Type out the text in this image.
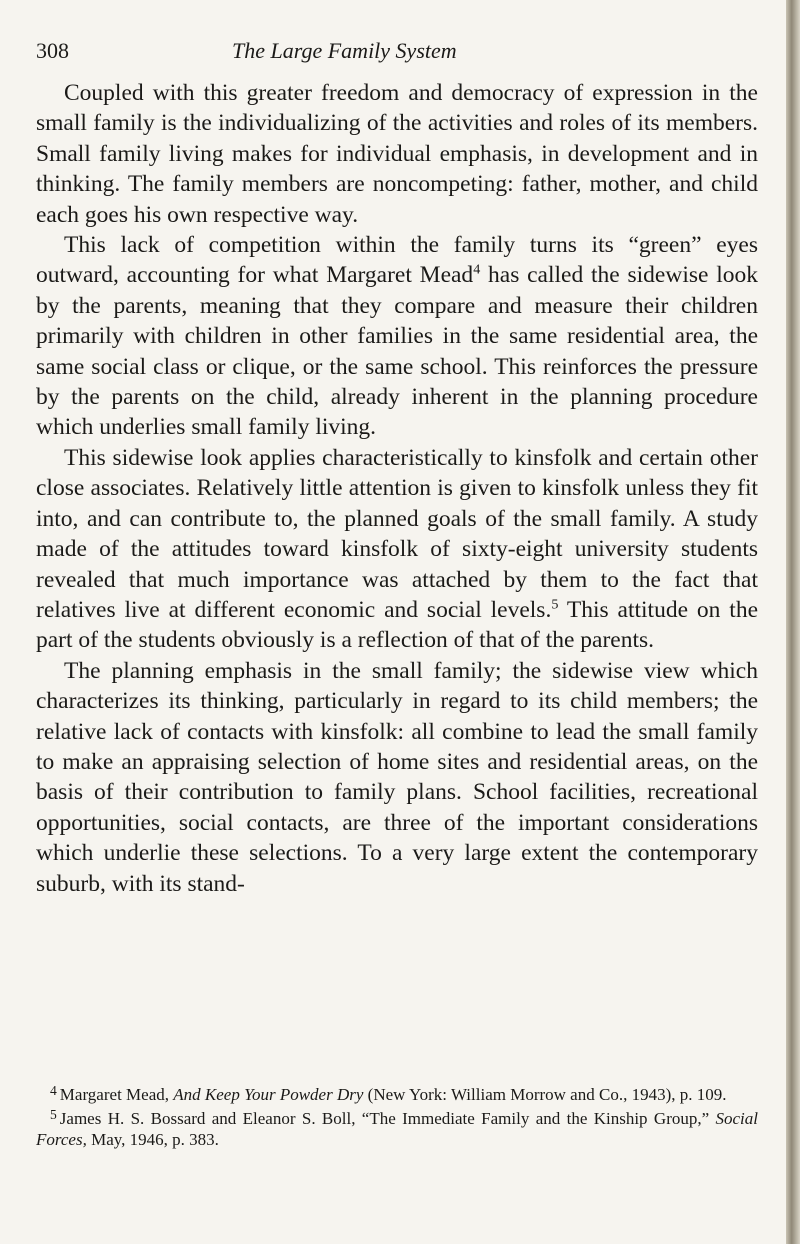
308	The Large Family System

Coupled with this greater freedom and democracy of expression in the small family is the individualizing of the activities and roles of its members. Small family living makes for individual emphasis, in development and in thinking. The family members are noncompeting: father, mother, and child each goes his own respective way.

This lack of competition within the family turns its “green” eyes outward, accounting for what Margaret Mead$^4$ has called the sidewise look by the parents, meaning that they compare and measure their children primarily with children in other families in the same residential area, the same social class or clique, or the same school. This reinforces the pressure by the parents on the child, already inherent in the planning procedure which underlies small family living.

This sidewise look applies characteristically to kinsfolk and certain other close associates. Relatively little attention is given to kinsfolk unless they fit into, and can contribute to, the planned goals of the small family. A study made of the attitudes toward kinsfolk of sixty-eight university students revealed that much importance was attached by them to the fact that relatives live at different economic and social levels.$^5$ This attitude on the part of the students obviously is a reflection of that of the parents.

The planning emphasis in the small family; the sidewise view which characterizes its thinking, particularly in regard to its child members; the relative lack of contacts with kinsfolk: all combine to lead the small family to make an appraising selection of home sites and residential areas, on the basis of their contribution to family plans. School facilities, recreational opportunities, social contacts, are three of the important considerations which underlie these selections. To a very large extent the contemporary suburb, with its stand-

$^4$ Margaret Mead, And Keep Your Powder Dry (New York: William Morrow and Co., 1943), p. 109.

$^5$ James H. S. Bossard and Eleanor S. Boll, “The Immediate Family and the Kinship Group,” Social Forces, May, 1946, p. 383.
